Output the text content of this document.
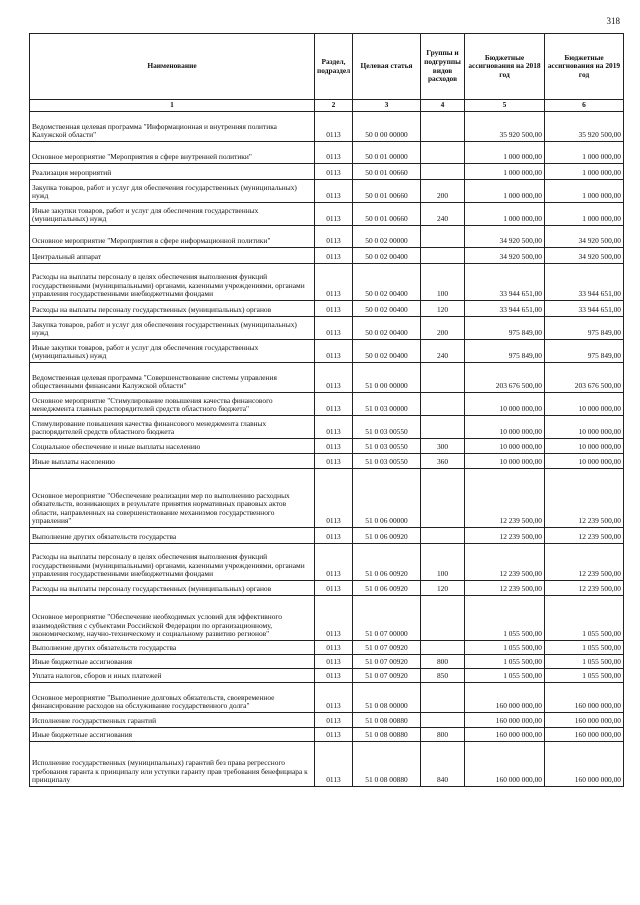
318
Наименование	Раздел, подраздел	Целевая статья	Группы и подгруппы видов расходов	Бюджетные ассигнования на 2018 год	Бюджетные ассигнования на 2019 год
1	2	3	4	5	6
Ведомственная целевая программа "Информационная и внутренняя политика Калужской области"	0113	50 0 00 00000		35 920 500,00	35 920 500,00
Основное мероприятие "Мероприятия в сфере внутренней политики"	0113	50 0 01 00000		1 000 000,00	1 000 000,00
Реализация мероприятий	0113	50 0 01 00660		1 000 000,00	1 000 000,00
Закупка товаров, работ и услуг для обеспечения государственных (муниципальных) нужд	0113	50 0 01 00660	200	1 000 000,00	1 000 000,00
Иные закупки товаров, работ и услуг для обеспечения государственных (муниципальных) нужд	0113	50 0 01 00660	240	1 000 000,00	1 000 000,00
Основное мероприятие "Мероприятия в сфере информационной политики"	0113	50 0 02 00000		34 920 500,00	34 920 500,00
Центральный аппарат	0113	50 0 02 00400		34 920 500,00	34 920 500,00
Расходы на выплаты персоналу в целях обеспечения выполнения функций государственными (муниципальными) органами, казенными учреждениями, органами управления государственными внебюджетными фондами	0113	50 0 02 00400	100	33 944 651,00	33 944 651,00
Расходы на выплаты персоналу государственных (муниципальных) органов	0113	50 0 02 00400	120	33 944 651,00	33 944 651,00
Закупка товаров, работ и услуг для обеспечения государственных (муниципальных) нужд	0113	50 0 02 00400	200	975 849,00	975 849,00
Иные закупки товаров, работ и услуг для обеспечения государственных (муниципальных) нужд	0113	50 0 02 00400	240	975 849,00	975 849,00
Ведомственная целевая программа "Совершенствование системы управления общественными финансами Калужской области"	0113	51 0 00 00000		203 676 500,00	203 676 500,00
Основное мероприятие "Стимулирование повышения качества финансового менеджмента главных распорядителей средств областного бюджета"	0113	51 0 03 00000		10 000 000,00	10 000 000,00
Стимулирование повышения качества финансового менеджмента главных распорядителей средств областного бюджета	0113	51 0 03 00550		10 000 000,00	10 000 000,00
Социальное обеспечение и иные выплаты населению	0113	51 0 03 00550	300	10 000 000,00	10 000 000,00
Иные выплаты населению	0113	51 0 03 00550	360	10 000 000,00	10 000 000,00
Основное мероприятие "Обеспечение реализации мер по выполнению расходных обязательств, возникающих в результате принятия нормативных правовых актов области, направленных на совершенствование механизмов государственного управления"	0113	51 0 06 00000		12 239 500,00	12 239 500,00
Выполнение других обязательств государства	0113	51 0 06 00920		12 239 500,00	12 239 500,00
Расходы на выплаты персоналу в целях обеспечения выполнения функций государственными (муниципальными) органами, казенными учреждениями, органами управления государственными внебюджетными фондами	0113	51 0 06 00920	100	12 239 500,00	12 239 500,00
Расходы на выплаты персоналу государственных (муниципальных) органов	0113	51 0 06 00920	120	12 239 500,00	12 239 500,00
Основное мероприятие "Обеспечение необходимых условий для эффективного взаимодействия с субъектами Российской Федерации по организационному, экономическому, научно-техническому и социальному развитию регионов"	0113	51 0 07 00000		1 055 500,00	1 055 500,00
Выполнение других обязательств государства	0113	51 0 07 00920		1 055 500,00	1 055 500,00
Иные бюджетные ассигнования	0113	51 0 07 00920	800	1 055 500,00	1 055 500,00
Уплата налогов, сборов и иных платежей	0113	51 0 07 00920	850	1 055 500,00	1 055 500,00
Основное мероприятие "Выполнение долговых обязательств, своевременное финансирование расходов на обслуживание государственного долга"	0113	51 0 08 00000		160 000 000,00	160 000 000,00
Исполнение государственных гарантий	0113	51 0 08 00880		160 000 000,00	160 000 000,00
Иные бюджетные ассигнования	0113	51 0 08 00880	800	160 000 000,00	160 000 000,00
Исполнение государственных (муниципальных) гарантий без права регрессного требования гаранта к принципалу или уступки гаранту прав требования бенефициара к принципалу	0113	51 0 08 00880	840	160 000 000,00	160 000 000,00
